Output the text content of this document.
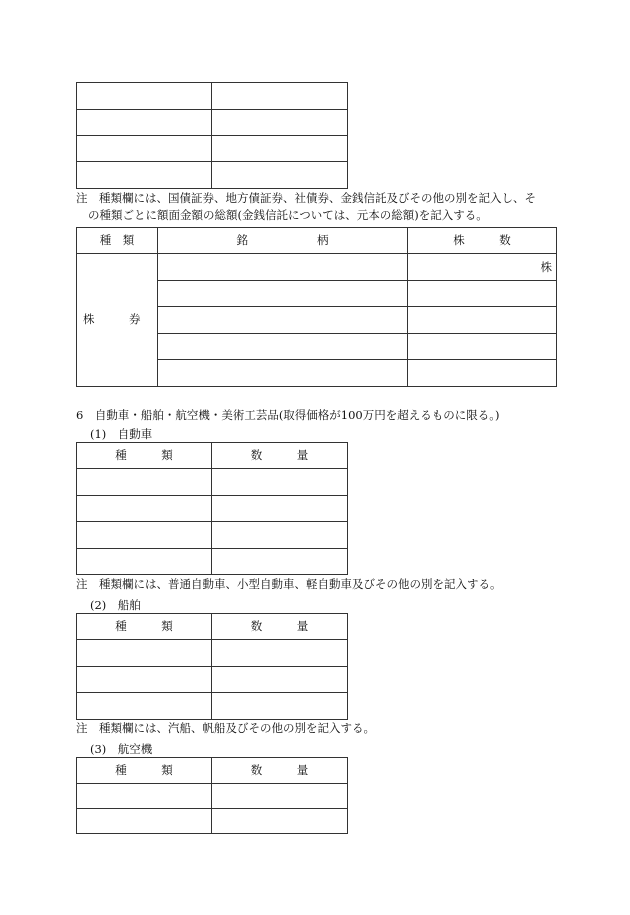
注　種類欄には、国債証券、地方債証券、社債券、金銭信託及びその他の別を記入し、そ
の種類ごとに額面金額の総額(金銭信託については、元本の総額)を記入する。
種　類	銘　　　　　　柄	株　　　数
株　　　券		株

6　自動車・船舶・航空機・美術工芸品(取得価格が100万円を超えるものに限る。)
(1)　自動車
種　　　類	数　　　量

注　種類欄には、普通自動車、小型自動車、軽自動車及びその他の別を記入する。
(2)　船舶
種　　　類	数　　　量

注　種類欄には、汽船、帆船及びその他の別を記入する。
(3)　航空機
種　　　類	数　　　量
